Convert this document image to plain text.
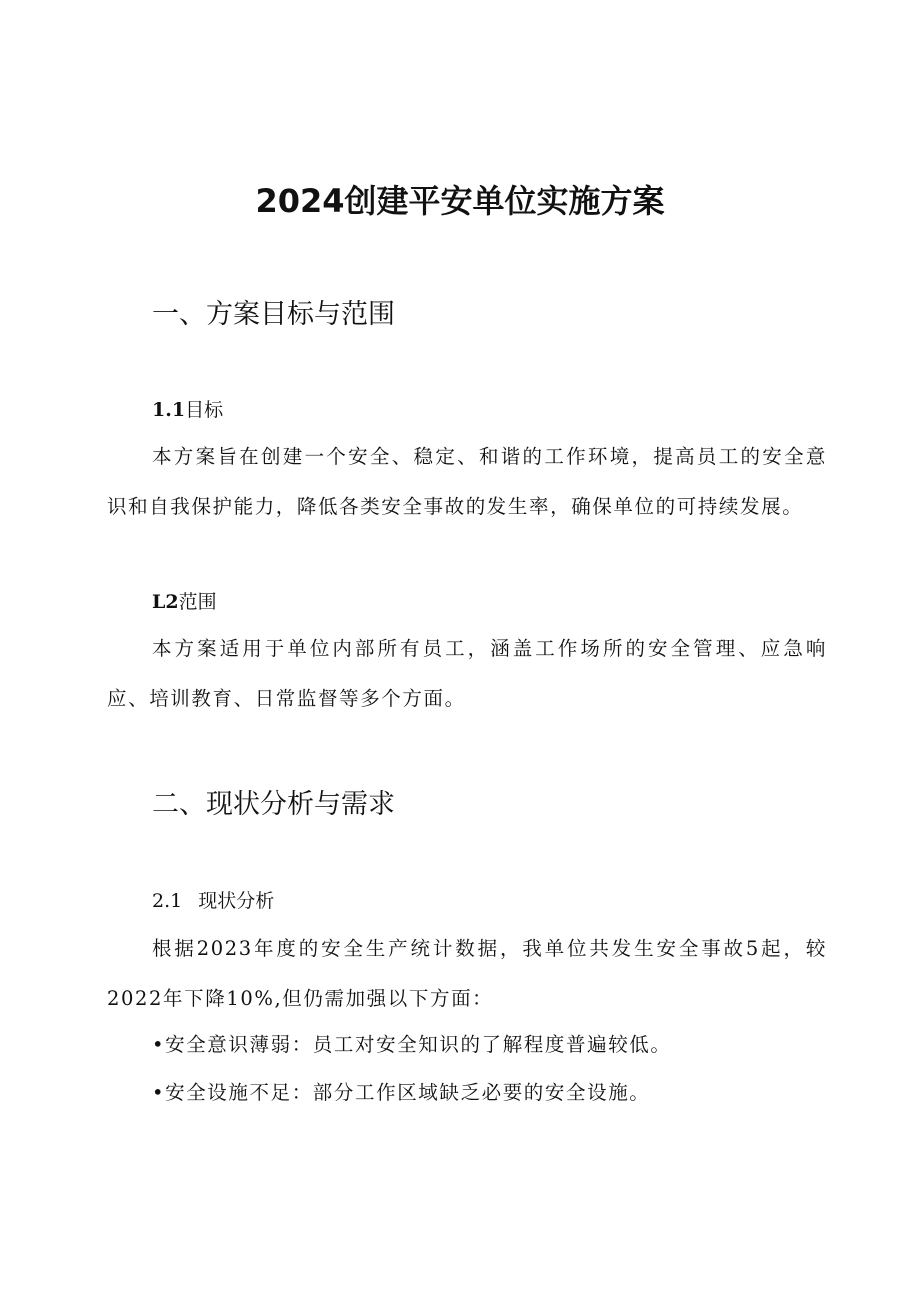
2024创建平安单位实施方案
一、方案目标与范围
1.1目标
本方案旨在创建一个安全、稳定、和谐的工作环境，提高员工的安全意识和自我保护能力，降低各类安全事故的发生率，确保单位的可持续发展。
L2范围
本方案适用于单位内部所有员工，涵盖工作场所的安全管理、应急响应、培训教育、日常监督等多个方面。
二、现状分析与需求
2.1 现状分析
根据2023年度的安全生产统计数据，我单位共发生安全事故5起，较2022年下降10%,但仍需加强以下方面：
•安全意识薄弱：员工对安全知识的了解程度普遍较低。
•安全设施不足：部分工作区域缺乏必要的安全设施。
